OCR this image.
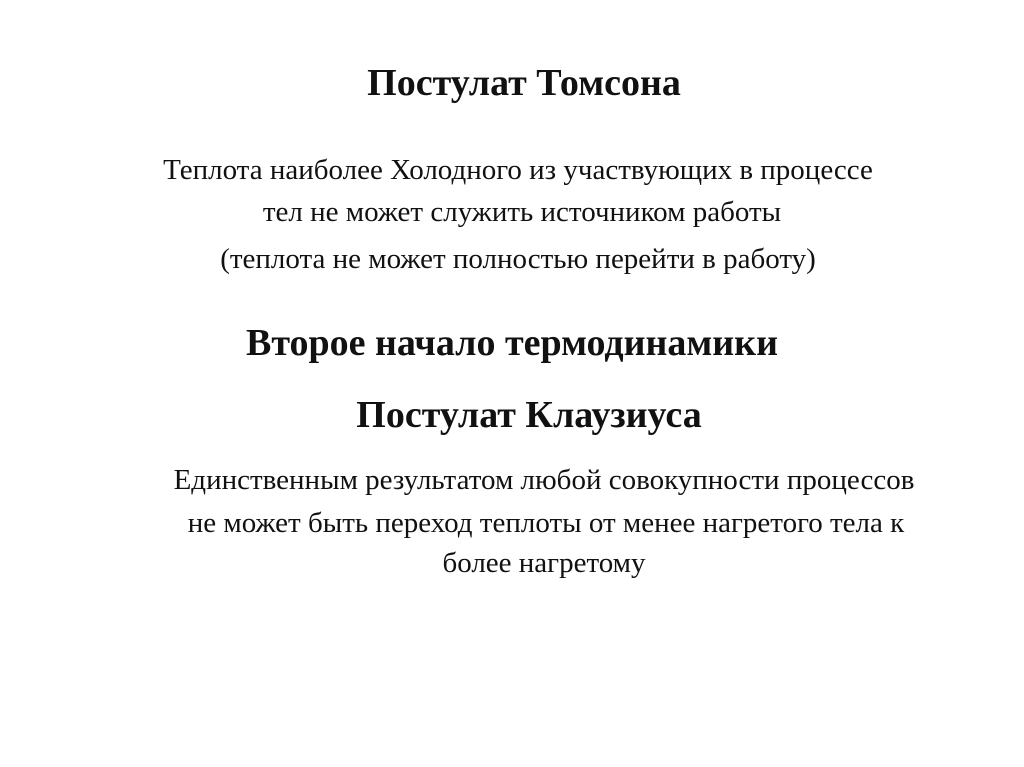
Постулат Томсона
Теплота наиболее Холодного из участвующих в процессе
тел не может служить источником работы
(теплота не может полностью перейти в работу)
Второе начало термодинамики
Постулат Клаузиуса
Единственным результатом любой совокупности процессов
не может быть переход теплоты от менее нагретого тела к
более нагретому
